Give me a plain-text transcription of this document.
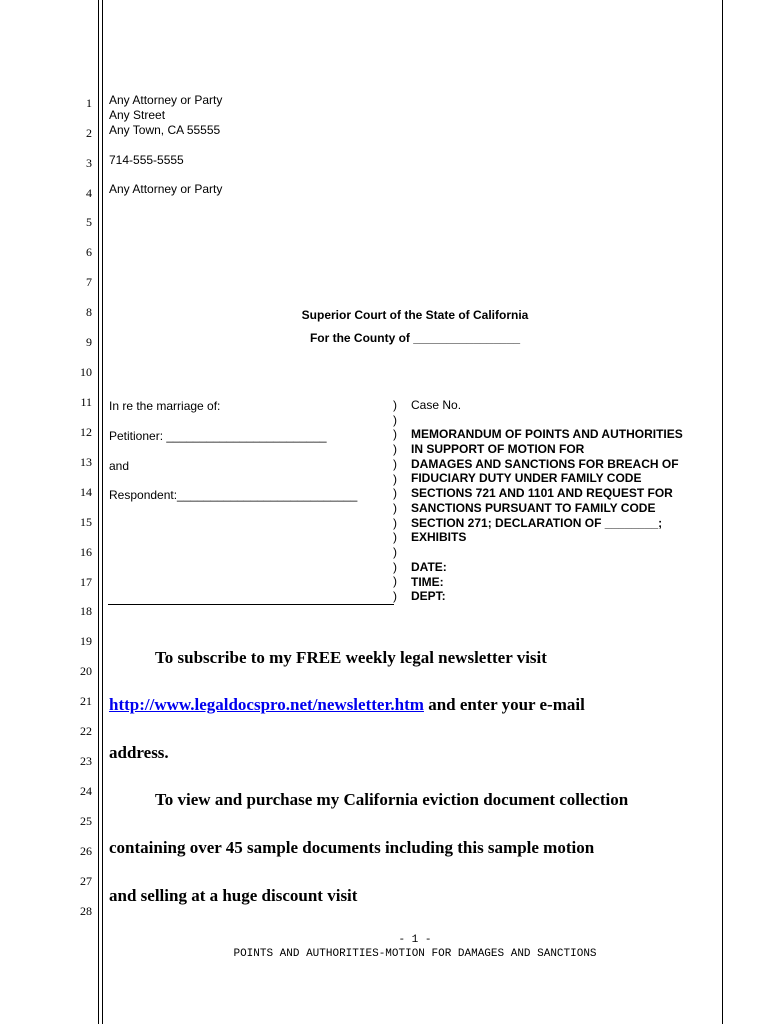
1
2
3
4
5
6
7
8
9
10
11
12
13
14
15
16
17
18
19
20
21
22
23
24
25
26
27
28
Any Attorney or Party
Any Street
Any Town, CA 55555
714-555-5555
Any Attorney or Party
Superior Court of the State of California
For the County of ________________
In re the marriage of:
Petitioner: ________________________
and
Respondent:___________________________
)
)
)
)
)
)
)
)
)
)
)
)
)
)
Case No.
MEMORANDUM OF POINTS AND AUTHORITIES
IN SUPPORT OF MOTION FOR
DAMAGES AND SANCTIONS FOR BREACH OF
FIDUCIARY DUTY UNDER FAMILY CODE
SECTIONS 721 AND 1101 AND REQUEST FOR
SANCTIONS PURSUANT TO FAMILY CODE
SECTION 271; DECLARATION OF ________;
EXHIBITS
DATE:
TIME:
DEPT:
To subscribe to my FREE weekly legal newsletter visit
http://www.legaldocspro.net/newsletter.htm and enter your e-mail
address.
To view and purchase my California eviction document collection
containing over 45 sample documents including this sample motion
and selling at a huge discount visit
- 1 -
POINTS AND AUTHORITIES-MOTION FOR DAMAGES AND SANCTIONS
